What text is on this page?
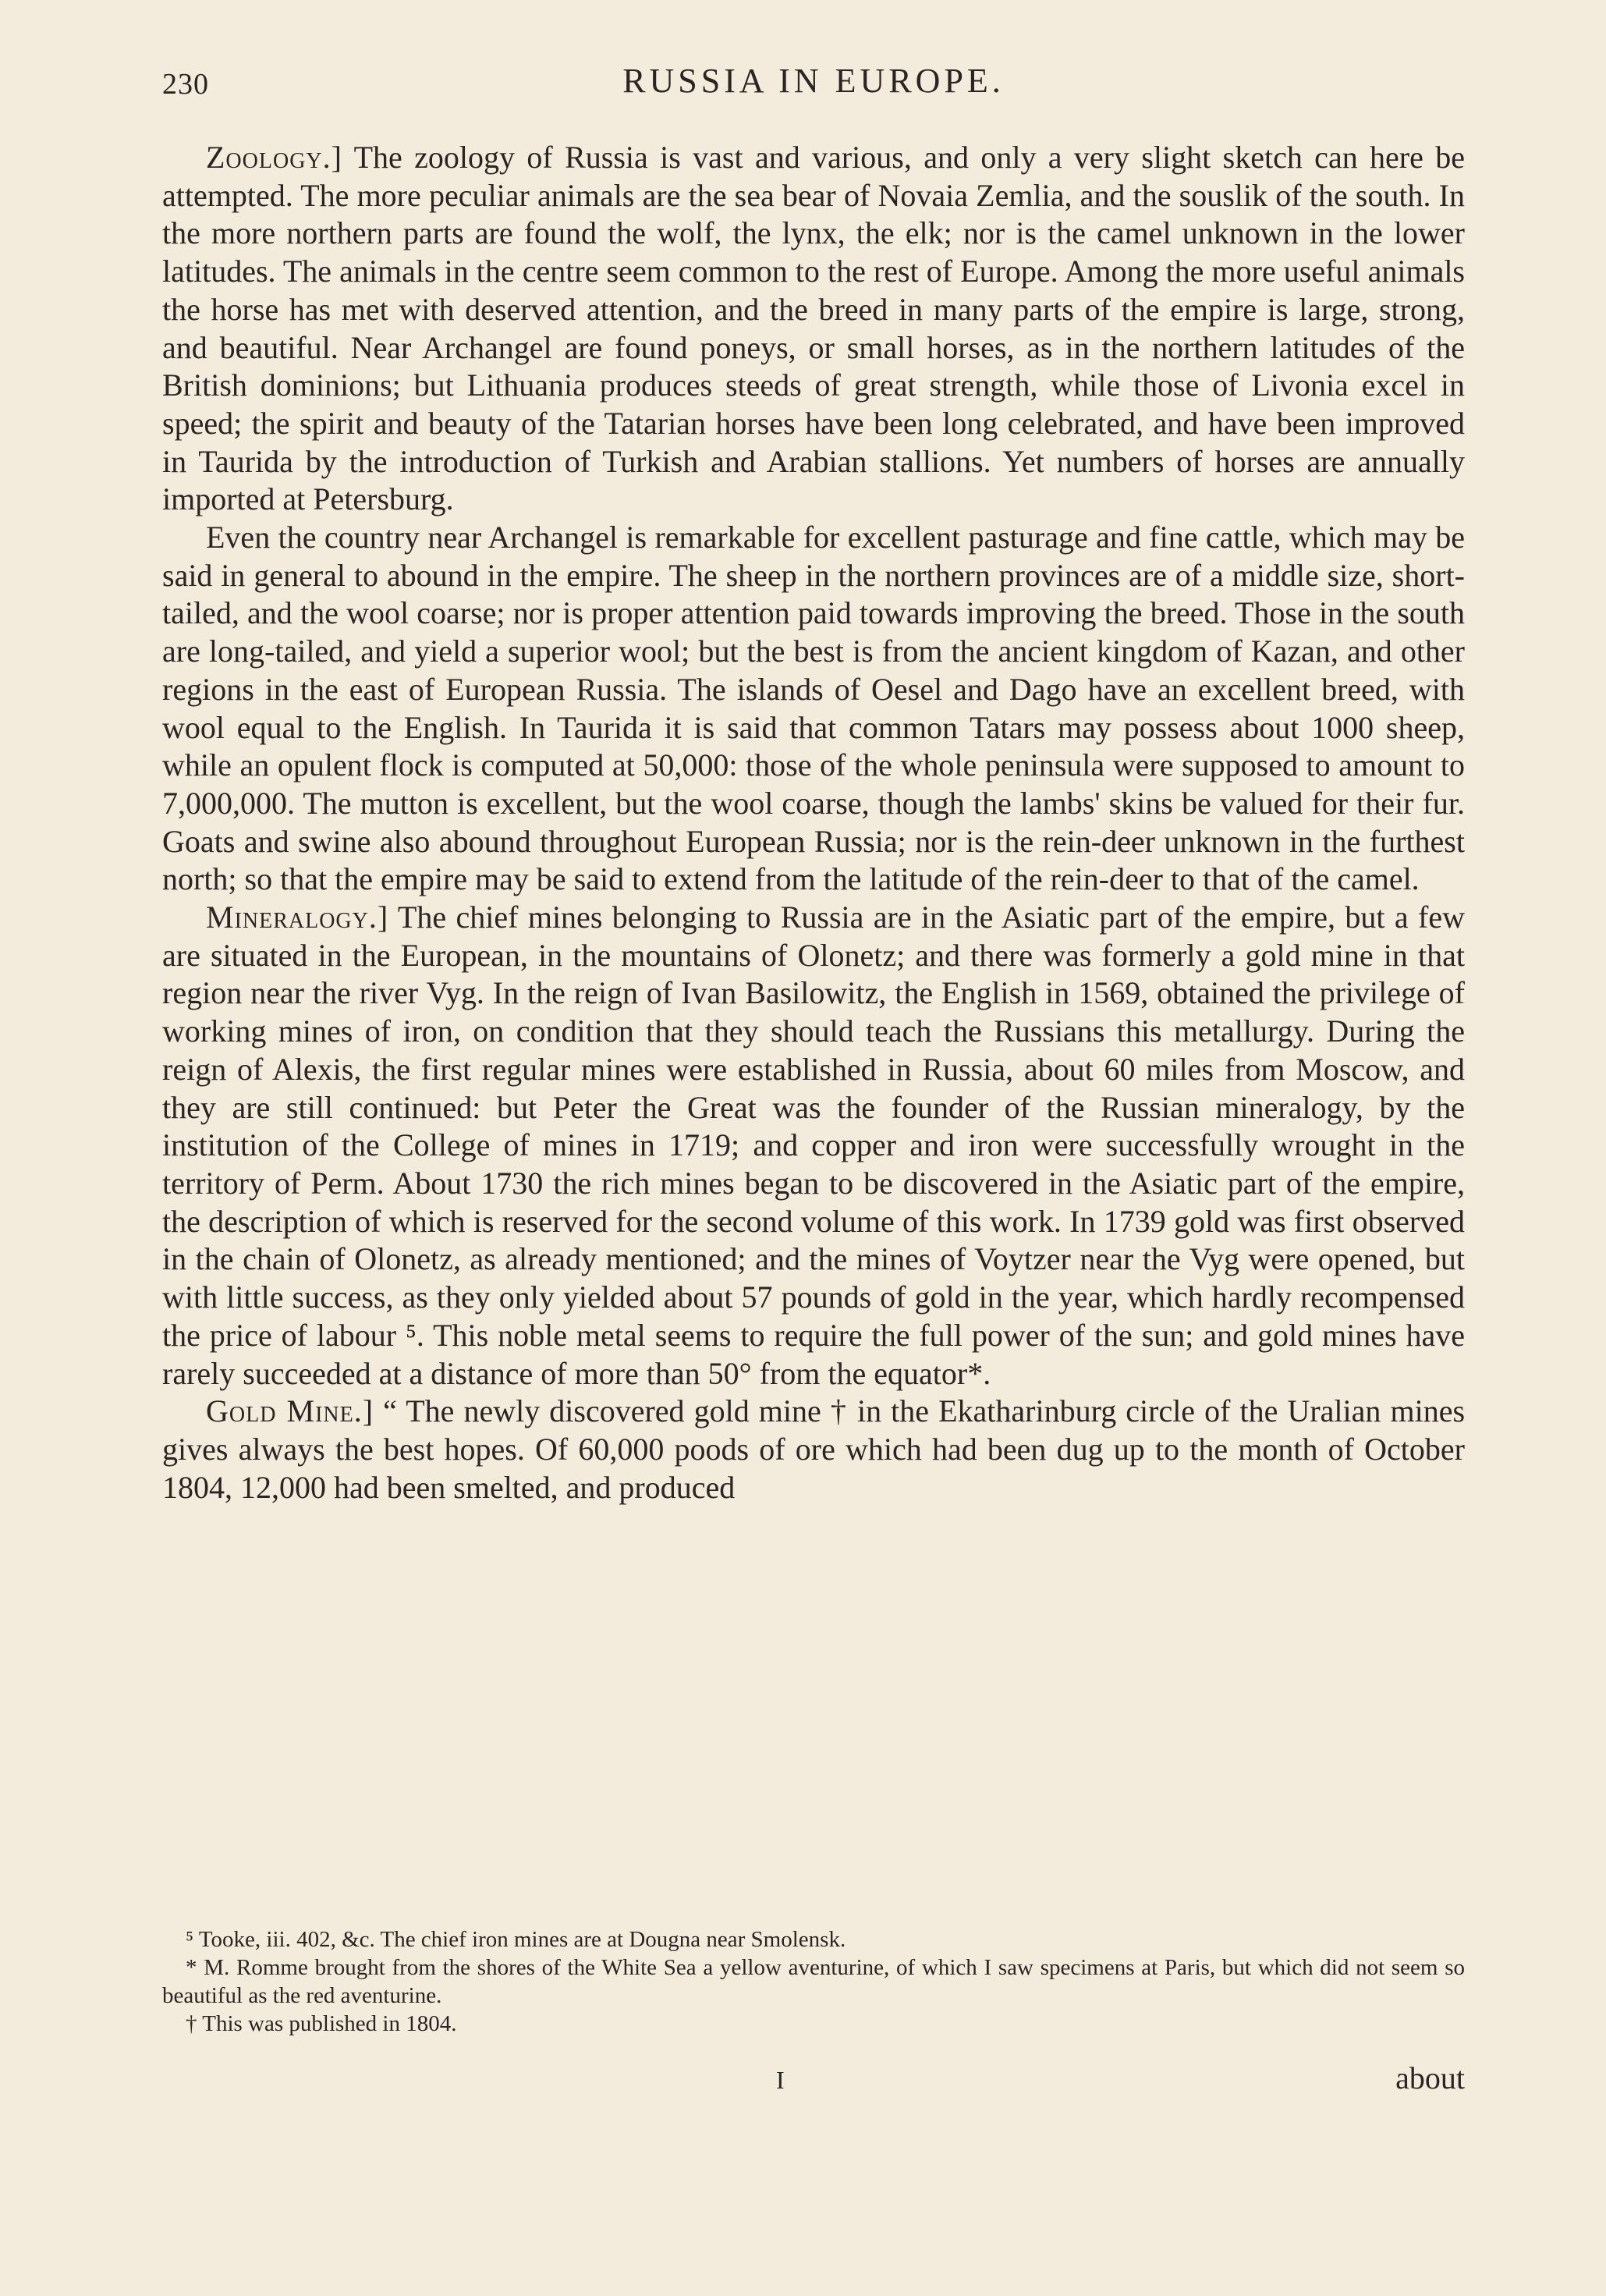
230	RUSSIA IN EUROPE.

Zoology.] The zoology of Russia is vast and various, and only a very slight sketch can here be attempted. The more peculiar animals are the sea bear of Novaia Zemlia, and the souslik of the south. In the more northern parts are found the wolf, the lynx, the elk; nor is the camel unknown in the lower latitudes. The animals in the centre seem common to the rest of Europe. Among the more useful animals the horse has met with deserved attention, and the breed in many parts of the empire is large, strong, and beautiful. Near Archangel are found poneys, or small horses, as in the northern latitudes of the British dominions; but Lithuania produces steeds of great strength, while those of Livonia excel in speed; the spirit and beauty of the Tatarian horses have been long celebrated, and have been improved in Taurida by the introduction of Turkish and Arabian stallions. Yet numbers of horses are annually imported at Petersburg.

Even the country near Archangel is remarkable for excellent pasturage and fine cattle, which may be said in general to abound in the empire. The sheep in the northern provinces are of a middle size, short-tailed, and the wool coarse; nor is proper attention paid towards improving the breed. Those in the south are long-tailed, and yield a superior wool; but the best is from the ancient kingdom of Kazan, and other regions in the east of European Russia. The islands of Oesel and Dago have an excellent breed, with wool equal to the English. In Taurida it is said that common Tatars may possess about 1000 sheep, while an opulent flock is computed at 50,000: those of the whole peninsula were supposed to amount to 7,000,000. The mutton is excellent, but the wool coarse, though the lambs' skins be valued for their fur. Goats and swine also abound throughout European Russia; nor is the rein-deer unknown in the furthest north; so that the empire may be said to extend from the latitude of the rein-deer to that of the camel.

Mineralogy.] The chief mines belonging to Russia are in the Asiatic part of the empire, but a few are situated in the European, in the mountains of Olonetz; and there was formerly a gold mine in that region near the river Vyg. In the reign of Ivan Basilowitz, the English in 1569, obtained the privilege of working mines of iron, on condition that they should teach the Russians this metallurgy. During the reign of Alexis, the first regular mines were established in Russia, about 60 miles from Moscow, and they are still continued: but Peter the Great was the founder of the Russian mineralogy, by the institution of the College of mines in 1719; and copper and iron were successfully wrought in the territory of Perm. About 1730 the rich mines began to be discovered in the Asiatic part of the empire, the description of which is reserved for the second volume of this work. In 1739 gold was first observed in the chain of Olonetz, as already mentioned; and the mines of Voytzer near the Vyg were opened, but with little success, as they only yielded about 57 pounds of gold in the year, which hardly recompensed the price of labour ⁵. This noble metal seems to require the full power of the sun; and gold mines have rarely succeeded at a distance of more than 50° from the equator*.

Gold Mine.] “ The newly discovered gold mine † in the Ekatharinburg circle of the Uralian mines gives always the best hopes. Of 60,000 poods of ore which had been dug up to the month of October 1804, 12,000 had been smelted, and produced

⁵ Tooke, iii. 402, &c. The chief iron mines are at Dougna near Smolensk.

* M. Romme brought from the shores of the White Sea a yellow aventurine, of which I saw specimens at Paris, but which did not seem so beautiful as the red aventurine.

† This was published in 1804.

I	about
